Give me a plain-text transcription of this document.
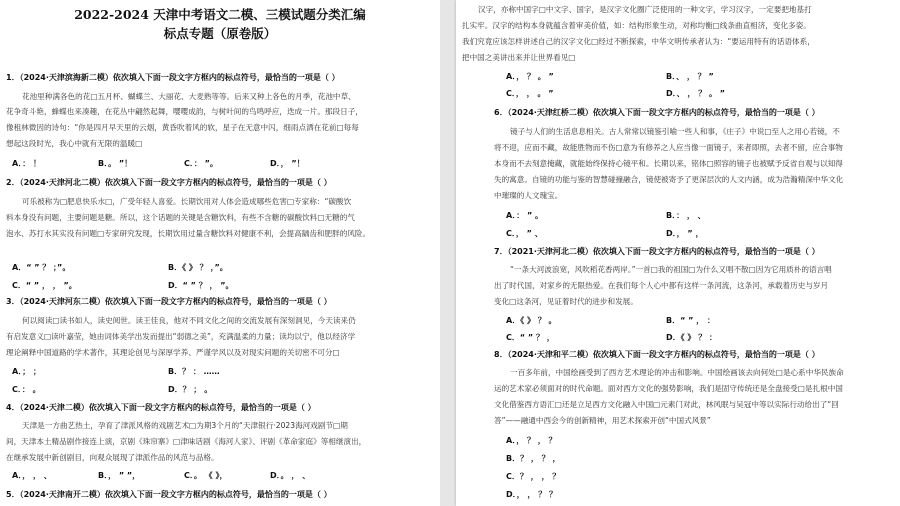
2022-2024 天津中考语文二模、三模试题分类汇编
标点专题（原卷版）
1．（2024·天津滨海新二模）依次填入下面一段文字方框内的标点符号，最恰当的一项是（ ）
花池里种满各色的花□五月杯、蝴蝶兰、大丽花、大麦熟等等。后来又种上各色的月季，花池中草、
花争奇斗艳，蜂蝶也来凑趣，在花丛中翩然起舞，嘤嘤成韵，与树叶间的鸟鸣呼应，迭成一片。那段日子，
像租林微因的诗句：“你是四月早天里的云烟，黄昏吹着风的软，星子在无意中闪，细雨点洒在花前□每每
想起这段时光，我心中就有无限的温暖□
A．： ！	B．。 ”！	C．： ”。	D．， ”！
2．（2024·天津河北二模）依次填入下面一段文字方框内的标点符号，最恰当的一项是（ ）
可乐被称为□肥息快乐水□，广受年轻人喜爱。长期饮用对人体会造成哪些危害□专家称：“碳酸饮
料本身没有问题，主要问题是糖。所以，这个话题的关键是含糖饮料，有些不含糖的碳酸饮料□无糖的气
泡水、苏打水其实没有问题□专家研究发现，长期饮用过量含糖饮料对健康不利，会提高龋齿和肥胖的风险。
A．“ ” ？ ；”。	B．《 》 ？ ，”。
C．“ ” ， ， ”。	D．“ ” ？ ， ”。
3．（2024·天津河东二模）依次填入下面一段文字方框内的标点符号，最恰当的一项是（ ）
何以阅读□读书如人，读史阅世。读王佳良，他对不同文化之间的交流发展有深刻洞见，今天读来仍
有启发意义□读叶嘉莹，她由词体美学出发而提出“弱德之美”，充满温柔的力量；读均以宁，他以经济学
理论阐释中国道路的学术著作，其理论创见与深厚学养、严谨学风以及对现实问题的关切密不可分□
A．； ；	B．？ ： ……
C．： 。	D．？ ； 。
4．（2024·天津二模）依次填入下面一段文字方框内的标点符号，最恰当的一项是（ ）
天津是一方曲艺热土，孕育了津派风格的戏剧艺术□为期3个月的“天津银行·2023海河戏剧节□期
间，天津本土精品剧作接连上演，京剧《珠帘寨》□津味话剧《海河人家》、评剧《革命家庭》等相继演出，
在继承发展中新创剧目，向观众展现了津派作品的风范与品格。
A．， ， 、	B．， ” ”，	C．。 《 》，	D．。 ， 、
5．（2024·天津南开二模）依次填入下面一段文字方框内的标点符号，最恰当的一项是（ ）
汉字，亦称中国字□中文字、国字，是汉字文化圈广泛使用的一种文字，学习汉字，一定要把地基打
扎实牢。汉字的结构本身就蕴含着审美价值，如：结构形象生动，对称均衡□线条曲直相济，变化多姿。
我们究竟应该怎样讲述自己的汉字文化□经过不断探索，中华文明传承者认为：“要运用特有的话语体系，
把中国之美讲出来并让世界看见□
A．， ？ 。 ”	B．、 ， ？ ”
C．， ， 。 ”	D．、 ， ？ 。 ”
6．（2024·天津红桥二模）依次填入下面一段文字方框内的标点符号，最恰当的一项是（ ）
镜子与人们的生活息息相关。古人常常以镜鉴引喻一些人和事，《庄子》中说□至人之用心若镜，不
将不迎，应而不藏，故能胜物而不伤□意为有修养之人应当像一面镜子，来者即照，去者不留，应合事物
本身而不去刻意掩藏，就能始终保持心镜平和。长期以来，铭体□照容的镜子也被赋予反省自观与以知得
失的寓意。自镜的功能与鉴的智慧碰撞融合，镜使被寄予了更深层次的人文内涵，成为浩瀚精深中华文化
中璀璨的人文瑰宝。
A．： ” 。	B．： ， 、
C．， ” 、	D．， ” ，
7．（2021·天津河北二模）依次填入下面一段文字方框内的标点符号，最恰当的一项是（ ）
“一条大河波浪宽，风吹稻花香两岸。”一首□我的祖国□为什么又唱不散□因为它用质朴的语言唱
出了时代国，对家乡的无限热爱。在我们每个人心中都有这样一条河流，这条河，承载着历史与岁月
变化□这条河，见证着时代的进步和发展。
A．《 》 ？ 。	B．“ ” ， ：
C．“ ” ？ ，	D．《 》 ？ ：
8．（2024·天津和平二模）依次填入下面一段文字方框内的标点符号，最恰当的一项是（ ）
一百多年前，中国绘画受到了西方艺术理论的冲击和影响。中国绘画该去向何处□是心系中华民族命
运的艺术家必须面对的时代命题。面对西方文化的强势影响，我们是固守传统还是全盘接受□是扎根中国
文化借鉴西方语汇□还是立足西方文化融入中国□元素门对此，林风眠与吴冠中等以实际行动给出了“回
答”——融通中西会今的创新精神，用艺术探索开创“中国式风景”
A．， ？ ， ？
B．？ ， ？ ，
C．？ ， ， ？
D．， ， ？ ？
